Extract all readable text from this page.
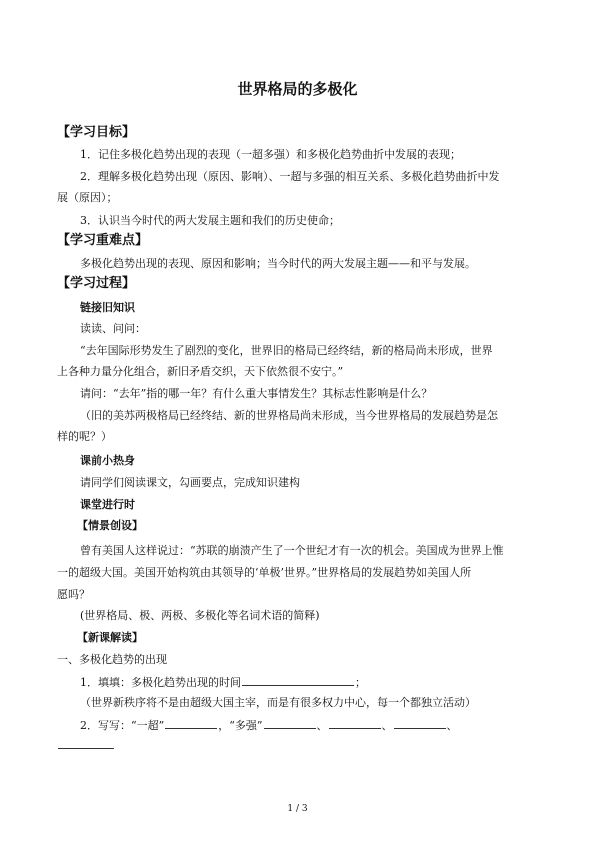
世界格局的多极化
【学习目标】
1．记住多极化趋势出现的表现（一超多强）和多极化趋势曲折中发展的表现；
2．理解多极化趋势出现（原因、影响）、一超与多强的相互关系、多极化趋势曲折中发
展（原因）；
3．认识当今时代的两大发展主题和我们的历史使命；
【学习重难点】
多极化趋势出现的表现、原因和影响；当今时代的两大发展主题——和平与发展。
【学习过程】
链接旧知识
读读、问问：
“去年国际形势发生了剧烈的变化，世界旧的格局已经终结，新的格局尚未形成，世界
上各种力量分化组合，新旧矛盾交织，天下依然很不安宁。”
请问：“去年”指的哪一年？有什么重大事情发生？其标志性影响是什么？
（旧的美苏两极格局已经终结、新的世界格局尚未形成，当今世界格局的发展趋势是怎
样的呢？）
课前小热身
请同学们阅读课文，勾画要点，完成知识建构
课堂进行时
【情景创设】
曾有美国人这样说过：“苏联的崩溃产生了一个世纪才有一次的机会。美国成为世界上惟
一的超级大国。美国开始构筑由其领导的‘单极’世界。”世界格局的发展趋势如美国人所
愿吗？
(世界格局、极、两极、多极化等名词术语的简释)
【新课解读】
一、多极化趋势的出现
1．填填：多极化趋势出现的时间	；
（世界新秩序将不是由超级大国主宰，而是有很多权力中心，每一个都独立活动）
2．写写：“一超”	，“多强”	、	、	、
1 / 3
